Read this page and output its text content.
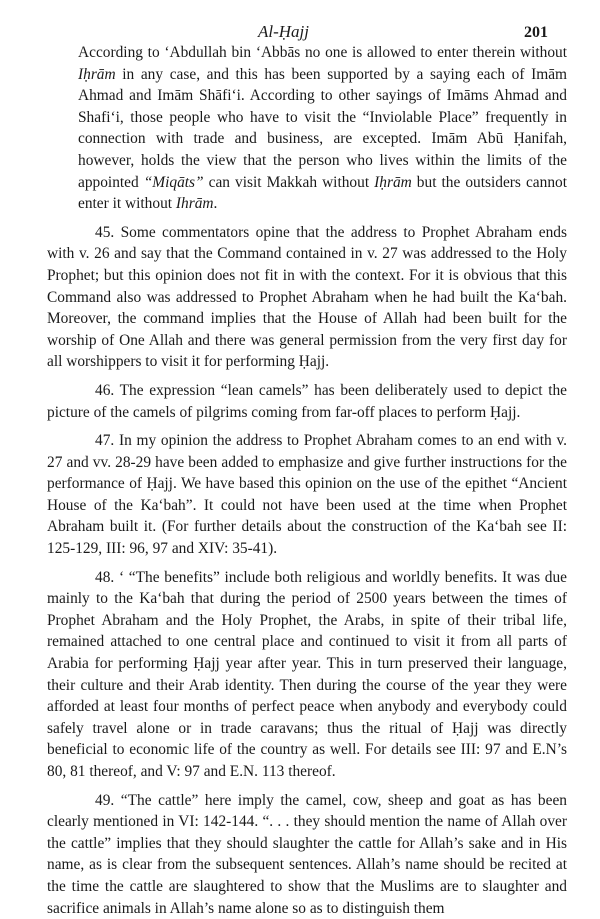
Al-Ḥajj	201

According to ‘Abdullah bin ‘Abbās no one is allowed to enter therein without Iḥrām in any case, and this has been supported by a saying each of Imām Ahmad and Imām Shāfi‘i. According to other sayings of Imāms Ahmad and Shafi‘i, those people who have to visit the “Inviolable Place” frequently in connection with trade and business, are excepted. Imām Abū Ḥanifah, however, holds the view that the person who lives within the limits of the appointed “Miqāts” can visit Makkah without Iḥrām but the outsiders cannot enter it without Ihrām.

45. Some commentators opine that the address to Prophet Abraham ends with v. 26 and say that the Command contained in v. 27 was addressed to the Holy Prophet; but this opinion does not fit in with the context. For it is obvious that this Command also was addressed to Prophet Abraham when he had built the Ka‘bah. Moreover, the command implies that the House of Allah had been built for the worship of One Allah and there was general permission from the very first day for all worshippers to visit it for performing Ḥajj.

46. The expression “lean camels” has been deliberately used to depict the picture of the camels of pilgrims coming from far-off places to perform Ḥajj.

47. In my opinion the address to Prophet Abraham comes to an end with v. 27 and vv. 28-29 have been added to emphasize and give further instructions for the performance of Ḥajj. We have based this opinion on the use of the epithet “Ancient House of the Ka‘bah”. It could not have been used at the time when Prophet Abraham built it. (For further details about the construction of the Ka‘bah see II: 125-129, III: 96, 97 and XIV: 35-41).

48. ‘ “The benefits” include both religious and worldly benefits. It was due mainly to the Ka‘bah that during the period of 2500 years between the times of Prophet Abraham and the Holy Prophet, the Arabs, in spite of their tribal life, remained attached to one central place and continued to visit it from all parts of Arabia for performing Ḥajj year after year. This in turn preserved their language, their culture and their Arab identity. Then during the course of the year they were afforded at least four months of perfect peace when anybody and everybody could safely travel alone or in trade caravans; thus the ritual of Ḥajj was directly beneficial to economic life of the country as well. For details see III: 97 and E.N’s 80, 81 thereof, and V: 97 and E.N. 113 thereof.

49. “The cattle” here imply the camel, cow, sheep and goat as has been clearly mentioned in VI: 142-144. “. . . they should mention the name of Allah over the cattle” implies that they should slaughter the cattle for Allah’s sake and in His name, as is clear from the subsequent sentences. Allah’s name should be recited at the time the cattle are slaughtered to show that the Muslims are to slaughter and sacrifice animals in Allah’s name alone so as to distinguish them
